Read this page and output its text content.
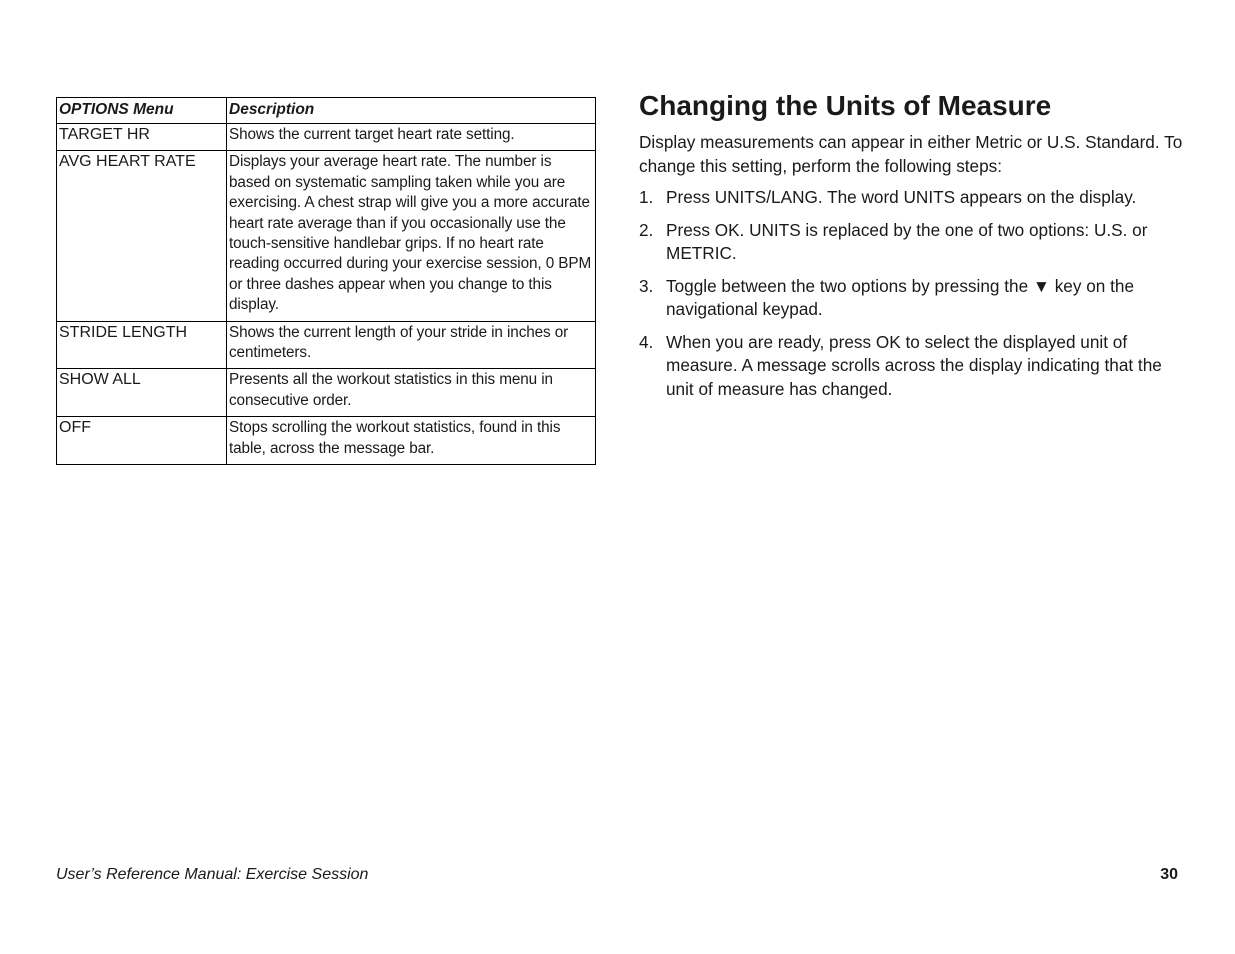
OPTIONS Menu	Description
TARGET HR	Shows the current target heart rate setting.
AVG HEART RATE	Displays your average heart rate. The number is based on systematic sampling taken while you are exercising. A chest strap will give you a more accurate heart rate average than if you occasionally use the touch-sensitive handlebar grips. If no heart rate reading occurred during your exercise session, 0 BPM or three dashes appear when you change to this display.
STRIDE LENGTH	Shows the current length of your stride in inches or centimeters.
SHOW ALL	Presents all the workout statistics in this menu in consecutive order.
OFF	Stops scrolling the workout statistics, found in this table, across the message bar.
Changing the Units of Measure

Display measurements can appear in either Metric or U.S. Standard. To change this setting, perform the following steps:

1. Press UNITS/LANG. The word UNITS appears on the display.
2. Press OK. UNITS is replaced by the one of two options: U.S. or METRIC.
3. Toggle between the two options by pressing the ▼ key on the navigational keypad.
4. When you are ready, press OK to select the displayed unit of measure. A message scrolls across the display indicating that the unit of measure has changed.
User’s Reference Manual: Exercise Session	30
